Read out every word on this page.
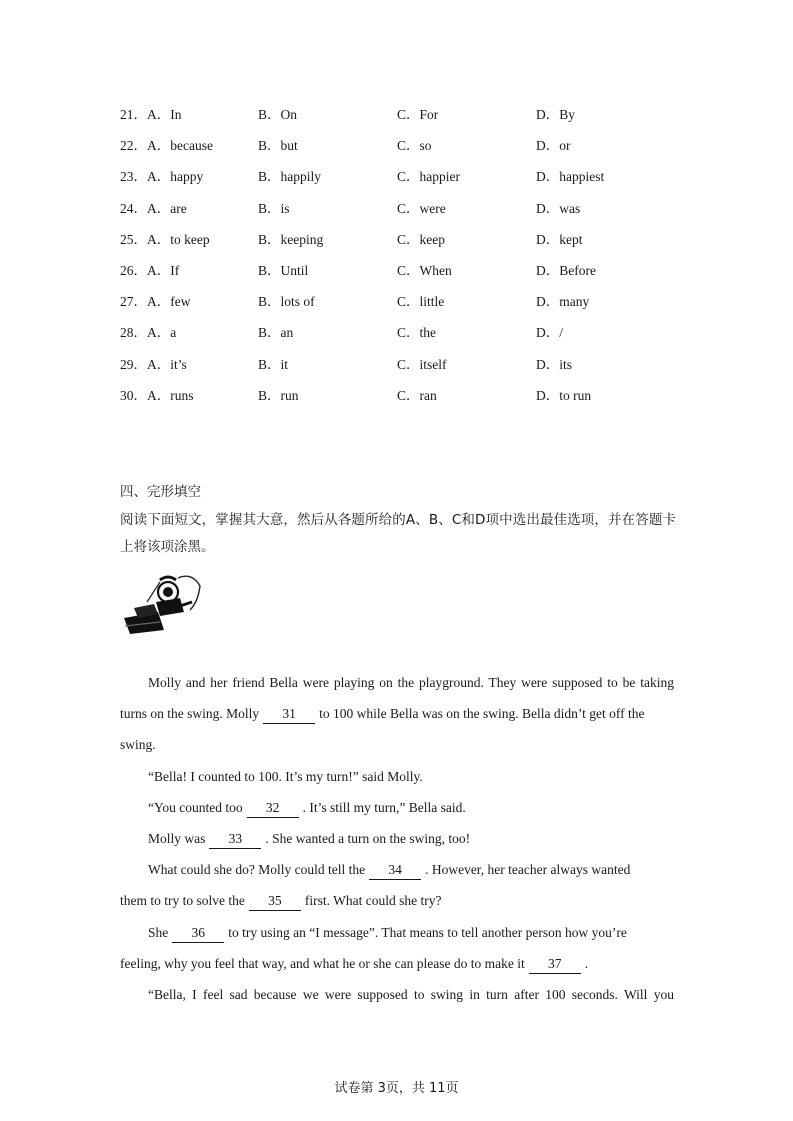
21．A．In	B．On	C．For	D．By
22．A．because	B．but	C．so	D．or
23．A．happy	B．happily	C．happier	D．happiest
24．A．are	B．is	C．were	D．was
25．A．to keep	B．keeping	C．keep	D．kept
26．A．If	B．Until	C．When	D．Before
27．A．few	B．lots of	C．little	D．many
28．A．a	B．an	C．the	D．/
29．A．it’s	B．it	C．itself	D．its
30．A．runs	B．run	C．ran	D．to run
四、完形填空
阅读下面短文，掌握其大意，然后从各题所给的A、B、C和D项中选出最佳选项，并在答题卡上将该项涂黑。
Molly and her friend Bella were playing on the playground. They were supposed to be taking
turns on the swing. Molly 31 to 100 while Bella was on the swing. Bella didn’t get off the
swing.
“Bella! I counted to 100. It’s my turn!” said Molly.
“You counted too 32 . It’s still my turn,” Bella said.
Molly was 33 . She wanted a turn on the swing, too!
What could she do? Molly could tell the 34 . However, her teacher always wanted
them to try to solve the 35 first. What could she try?
She 36 to try using an “I message”. That means to tell another person how you’re
feeling, why you feel that way, and what he or she can please do to make it 37 .
“Bella, I feel sad because we were supposed to swing in turn after 100 seconds. Will you
试卷第 3页，共 11页
